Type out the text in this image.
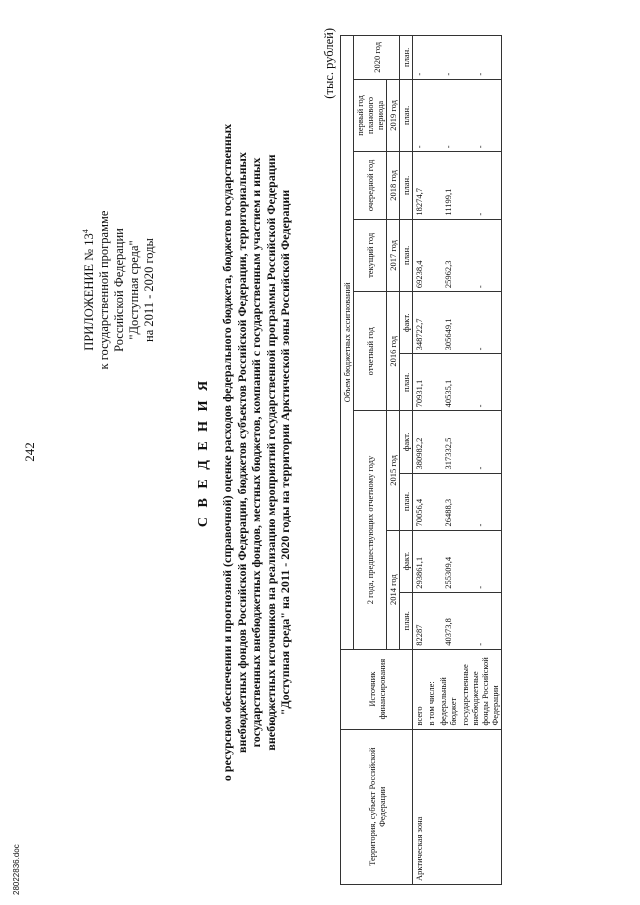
28022836.doc
242
ПРИЛОЖЕНИЕ № $13^4$ к государственной программе Российской Федерации "Доступная среда" на 2011 - 2020 годы
С В Е Д Е Н И Я о ресурсном обеспечении и прогнозной (справочной) оценке расходов федерального бюджета, бюджетов государственных внебюджетных фондов Российской Федерации, бюджетов субъектов Российской Федерации, территориальных государственных внебюджетных фондов, местных бюджетов, компаний с государственным участием и иных внебюджетных источников на реализацию мероприятий государственной программы Российской Федерации "Доступная среда" на 2011 - 2020 годы на территории Арктической зоны Российской Федерации
(тыс. рублей)
Территория, субъект Российской Федерации	Источник финансирования	Объем бюджетных ассигнований									
		2 года, предшествующих отчетному году				отчетный год		текущий год	очередной год	первый год планового периода	2020 год
		2014 год		2015 год		2016 год		2017 год	2018 год	2019 год	
		план.	факт.	план.	факт.	план.	факт.	план.	план.	план.	план.
Арктическая зона	всего	82287	293861,1	70056,4	380982,2	70931,1	348722,7	69238,4	18274,7	-	-
	в том числе:										
	федеральный бюджет	40373,8	255309,4	26488,3	317332,5	40535,1	305649,1	25962,3	11199,1	-	-
	государственные внебюджетные фонды Российской Федерации	-	-	-	-	-	-	-	-	-	-
